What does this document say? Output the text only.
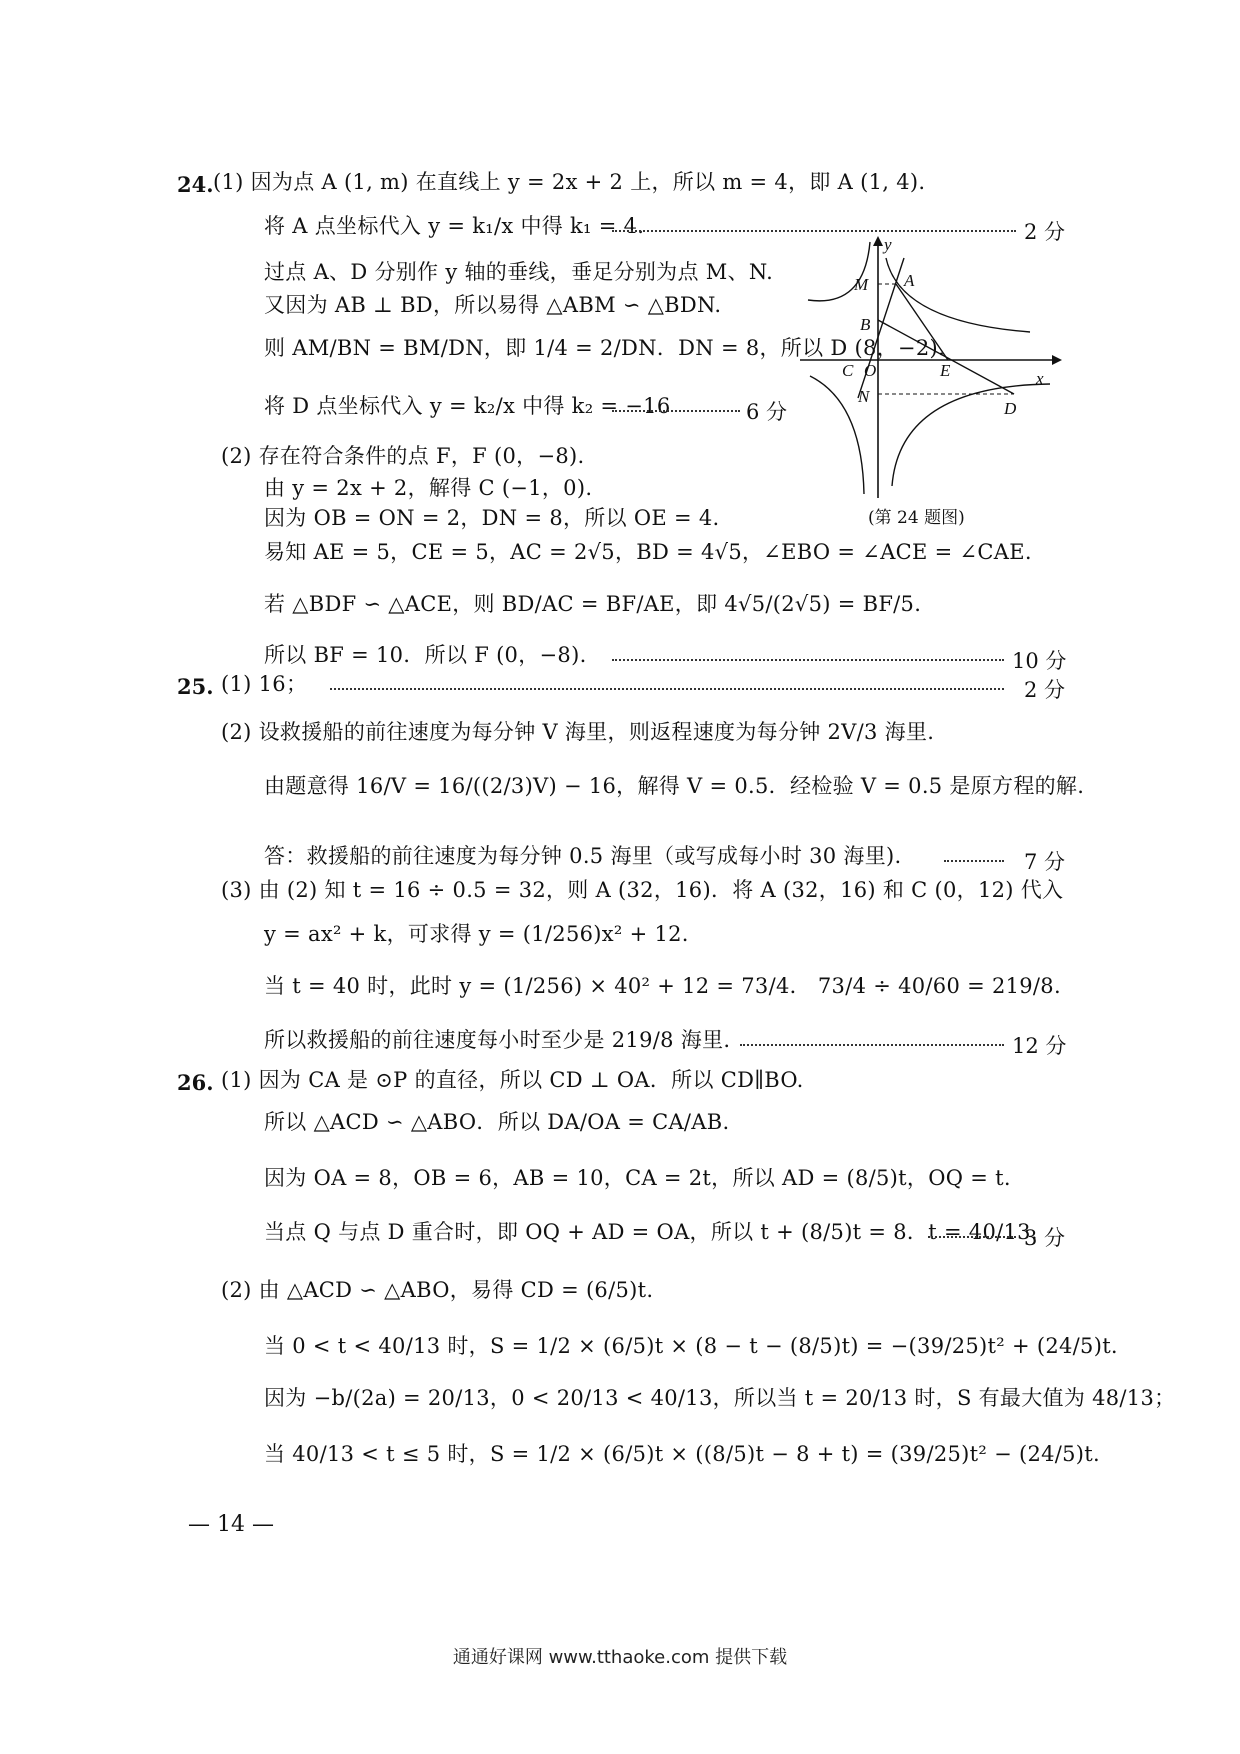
24. (1) 因为点 A (1, m) 在直线上 y = 2x + 2 上，所以 m = 4，即 A (1, 4).
将 A 点坐标代入 y = k₁/x 中得 k₁ = 4.	2 分
过点 A、D 分别作 y 轴的垂线，垂足分别为点 M、N.
又因为 AB ⊥ BD，所以易得 △ABM ∽ △BDN.
则 AM/BN = BM/DN，即 1/4 = 2/DN．DN = 8，所以 D (8，−2).
将 D 点坐标代入 y = k₂/x 中得 k₂ = −16	6 分
(2) 存在符合条件的点 F，F (0，−8).
由 y = 2x + 2，解得 C (−1，0).
因为 OB = ON = 2，DN = 8，所以 OE = 4.
易知 AE = 5，CE = 5，AC = 2√5，BD = 4√5，∠EBO = ∠ACE = ∠CAE.
若 △BDF ∽ △ACE，则 BD/AC = BF/AE，即 4√5/(2√5) = BF/5.
所以 BF = 10．所以 F (0，−8).	10 分
y
x
M A
B
C O	E
N
D
(第 24 题图)
25. (1) 16；	2 分
(2) 设救援船的前往速度为每分钟 V 海里，则返程速度为每分钟 2V/3 海里.
由题意得 16/V = 16/((2/3)V) − 16，解得 V = 0.5．经检验 V = 0.5 是原方程的解.
答：救援船的前往速度为每分钟 0.5 海里（或写成每小时 30 海里).	7 分
(3) 由 (2) 知 t = 16 ÷ 0.5 = 32，则 A (32，16)．将 A (32，16) 和 C (0，12) 代入
y = ax² + k，可求得 y = (1/256)x² + 12.
当 t = 40 时，此时 y = (1/256) × 40² + 12 = 73/4． 73/4 ÷ 40/60 = 219/8.
所以救援船的前往速度每小时至少是 219/8 海里.	12 分
26. (1) 因为 CA 是 ⊙P 的直径，所以 CD ⊥ OA．所以 CD∥BO.
所以 △ACD ∽ △ABO．所以 DA/OA = CA/AB.
因为 OA = 8，OB = 6，AB = 10，CA = 2t，所以 AD = (8/5)t，OQ = t.
当点 Q 与点 D 重合时，即 OQ + AD = OA，所以 t + (8/5)t = 8．t = 40/13.
3 分
(2) 由 △ACD ∽ △ABO，易得 CD = (6/5)t.
当 0 < t < 40/13 时，S = 1/2 × (6/5)t × (8 − t − (8/5)t) = −(39/25)t² + (24/5)t.
因为 −b/(2a) = 20/13，0 < 20/13 < 40/13，所以当 t = 20/13 时，S 有最大值为 48/13；
当 40/13 < t ≤ 5 时，S = 1/2 × (6/5)t × ((8/5)t − 8 + t) = (39/25)t² − (24/5)t.
— 14 —
通通好课网 www.tthaoke.com 提供下载
